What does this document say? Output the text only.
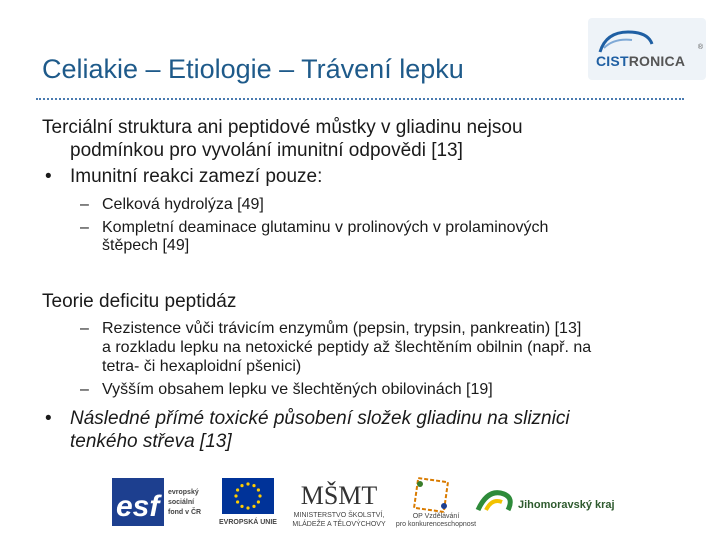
Celiakie – Etiologie – Trávení lepku	CISTRONICA
®
Terciální struktura ani peptidové můstky v gliadinu nejsou
podmínkou pro vyvolání imunitní odpovědi [13]
• Imunitní reakci zamezí pouze:
– Celková hydrolýza [49]
– Kompletní deaminace glutaminu v prolinových v prolaminových
štěpech [49]
Teorie deficitu peptidáz
– Rezistence vůči trávicím enzymům (pepsin, trypsin, pankreatin) [13]
a rozkladu lepku na netoxické peptidy až šlechtěním obilnin (např. na
tetra- či hexaploidní pšenici)
– Vyšším obsahem lepku ve šlechtěných obilovinách [19]
• Následné přímé toxické působení složek gliadinu na sliznici
tenkého střeva [13]
esf	evropský
sociální
fond v ČR
EVROPSKÁ UNIE
MŠMT
MINISTERSTVO ŠKOLSTVÍ,
MLÁDEŽE A TĚLOVÝCHOVY
OP Vzdělávání
pro konkurenceschopnost
Jihomoravský kraj
